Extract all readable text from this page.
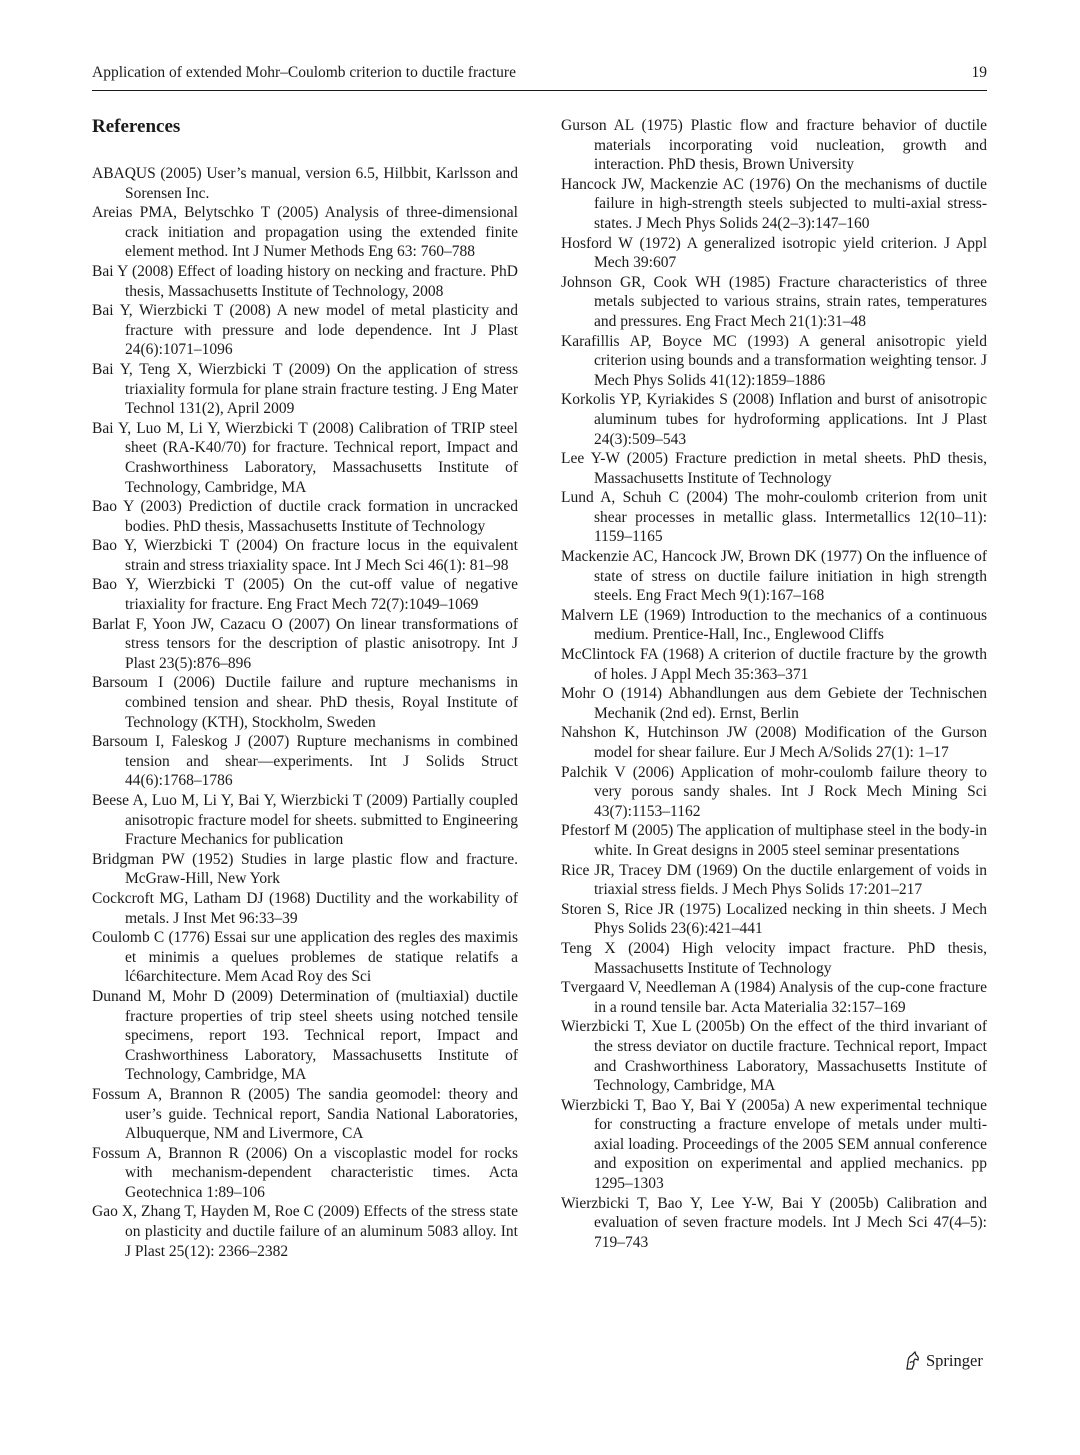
Application of extended Mohr–Coulomb criterion to ductile fracture	19
References
ABAQUS (2005) User’s manual, version 6.5, Hilbbit, Karlsson and Sorensen Inc.
Areias PMA, Belytschko T (2005) Analysis of three-dimensional crack initiation and propagation using the extended finite element method. Int J Numer Methods Eng 63: 760–788
Bai Y (2008) Effect of loading history on necking and fracture. PhD thesis, Massachusetts Institute of Technology, 2008
Bai Y, Wierzbicki T (2008) A new model of metal plasticity and fracture with pressure and lode dependence. Int J Plast 24(6):1071–1096
Bai Y, Teng X, Wierzbicki T (2009) On the application of stress triaxiality formula for plane strain fracture testing. J Eng Mater Technol 131(2), April 2009
Bai Y, Luo M, Li Y, Wierzbicki T (2008) Calibration of TRIP steel sheet (RA-K40/70) for fracture. Technical report, Impact and Crashworthiness Laboratory, Massachusetts Institute of Technology, Cambridge, MA
Bao Y (2003) Prediction of ductile crack formation in uncracked bodies. PhD thesis, Massachusetts Institute of Technology
Bao Y, Wierzbicki T (2004) On fracture locus in the equivalent strain and stress triaxiality space. Int J Mech Sci 46(1): 81–98
Bao Y, Wierzbicki T (2005) On the cut-off value of negative triaxiality for fracture. Eng Fract Mech 72(7):1049–1069
Barlat F, Yoon JW, Cazacu O (2007) On linear transformations of stress tensors for the description of plastic anisotropy. Int J Plast 23(5):876–896
Barsoum I (2006) Ductile failure and rupture mechanisms in combined tension and shear. PhD thesis, Royal Institute of Technology (KTH), Stockholm, Sweden
Barsoum I, Faleskog J (2007) Rupture mechanisms in combined tension and shear—experiments. Int J Solids Struct 44(6):1768–1786
Beese A, Luo M, Li Y, Bai Y, Wierzbicki T (2009) Partially coupled anisotropic fracture model for sheets. submitted to Engineering Fracture Mechanics for publication
Bridgman PW (1952) Studies in large plastic flow and fracture. McGraw-Hill, New York
Cockcroft MG, Latham DJ (1968) Ductility and the workability of metals. J Inst Met 96:33–39
Coulomb C (1776) Essai sur une application des regles des maximis et minimis a quelues problemes de statique relatifs a lć6architecture. Mem Acad Roy des Sci
Dunand M, Mohr D (2009) Determination of (multiaxial) ductile fracture properties of trip steel sheets using notched tensile specimens, report 193. Technical report, Impact and Crashworthiness Laboratory, Massachusetts Institute of Technology, Cambridge, MA
Fossum A, Brannon R (2005) The sandia geomodel: theory and user’s guide. Technical report, Sandia National Laboratories, Albuquerque, NM and Livermore, CA
Fossum A, Brannon R (2006) On a viscoplastic model for rocks with mechanism-dependent characteristic times. Acta Geotechnica 1:89–106
Gao X, Zhang T, Hayden M, Roe C (2009) Effects of the stress state on plasticity and ductile failure of an aluminum 5083 alloy. Int J Plast 25(12): 2366–2382
Gurson AL (1975) Plastic flow and fracture behavior of ductile materials incorporating void nucleation, growth and interaction. PhD thesis, Brown University
Hancock JW, Mackenzie AC (1976) On the mechanisms of ductile failure in high-strength steels subjected to multi-axial stress-states. J Mech Phys Solids 24(2–3):147–160
Hosford W (1972) A generalized isotropic yield criterion. J Appl Mech 39:607
Johnson GR, Cook WH (1985) Fracture characteristics of three metals subjected to various strains, strain rates, temperatures and pressures. Eng Fract Mech 21(1):31–48
Karafillis AP, Boyce MC (1993) A general anisotropic yield criterion using bounds and a transformation weighting tensor. J Mech Phys Solids 41(12):1859–1886
Korkolis YP, Kyriakides S (2008) Inflation and burst of anisotropic aluminum tubes for hydroforming applications. Int J Plast 24(3):509–543
Lee Y-W (2005) Fracture prediction in metal sheets. PhD thesis, Massachusetts Institute of Technology
Lund A, Schuh C (2004) The mohr-coulomb criterion from unit shear processes in metallic glass. Intermetallics 12(10–11): 1159–1165
Mackenzie AC, Hancock JW, Brown DK (1977) On the influence of state of stress on ductile failure initiation in high strength steels. Eng Fract Mech 9(1):167–168
Malvern LE (1969) Introduction to the mechanics of a continuous medium. Prentice-Hall, Inc., Englewood Cliffs
McClintock FA (1968) A criterion of ductile fracture by the growth of holes. J Appl Mech 35:363–371
Mohr O (1914) Abhandlungen aus dem Gebiete der Technischen Mechanik (2nd ed). Ernst, Berlin
Nahshon K, Hutchinson JW (2008) Modification of the Gurson model for shear failure. Eur J Mech A/Solids 27(1): 1–17
Palchik V (2006) Application of mohr-coulomb failure theory to very porous sandy shales. Int J Rock Mech Mining Sci 43(7):1153–1162
Pfestorf M (2005) The application of multiphase steel in the body-in white. In Great designs in 2005 steel seminar presentations
Rice JR, Tracey DM (1969) On the ductile enlargement of voids in triaxial stress fields. J Mech Phys Solids 17:201–217
Storen S, Rice JR (1975) Localized necking in thin sheets. J Mech Phys Solids 23(6):421–441
Teng X (2004) High velocity impact fracture. PhD thesis, Massachusetts Institute of Technology
Tvergaard V, Needleman A (1984) Analysis of the cup-cone fracture in a round tensile bar. Acta Materialia 32:157–169
Wierzbicki T, Xue L (2005b) On the effect of the third invariant of the stress deviator on ductile fracture. Technical report, Impact and Crashworthiness Laboratory, Massachusetts Institute of Technology, Cambridge, MA
Wierzbicki T, Bao Y, Bai Y (2005a) A new experimental technique for constructing a fracture envelope of metals under multi-axial loading. Proceedings of the 2005 SEM annual conference and exposition on experimental and applied mechanics. pp 1295–1303
Wierzbicki T, Bao Y, Lee Y-W, Bai Y (2005b) Calibration and evaluation of seven fracture models. Int J Mech Sci 47(4–5): 719–743
Springer
